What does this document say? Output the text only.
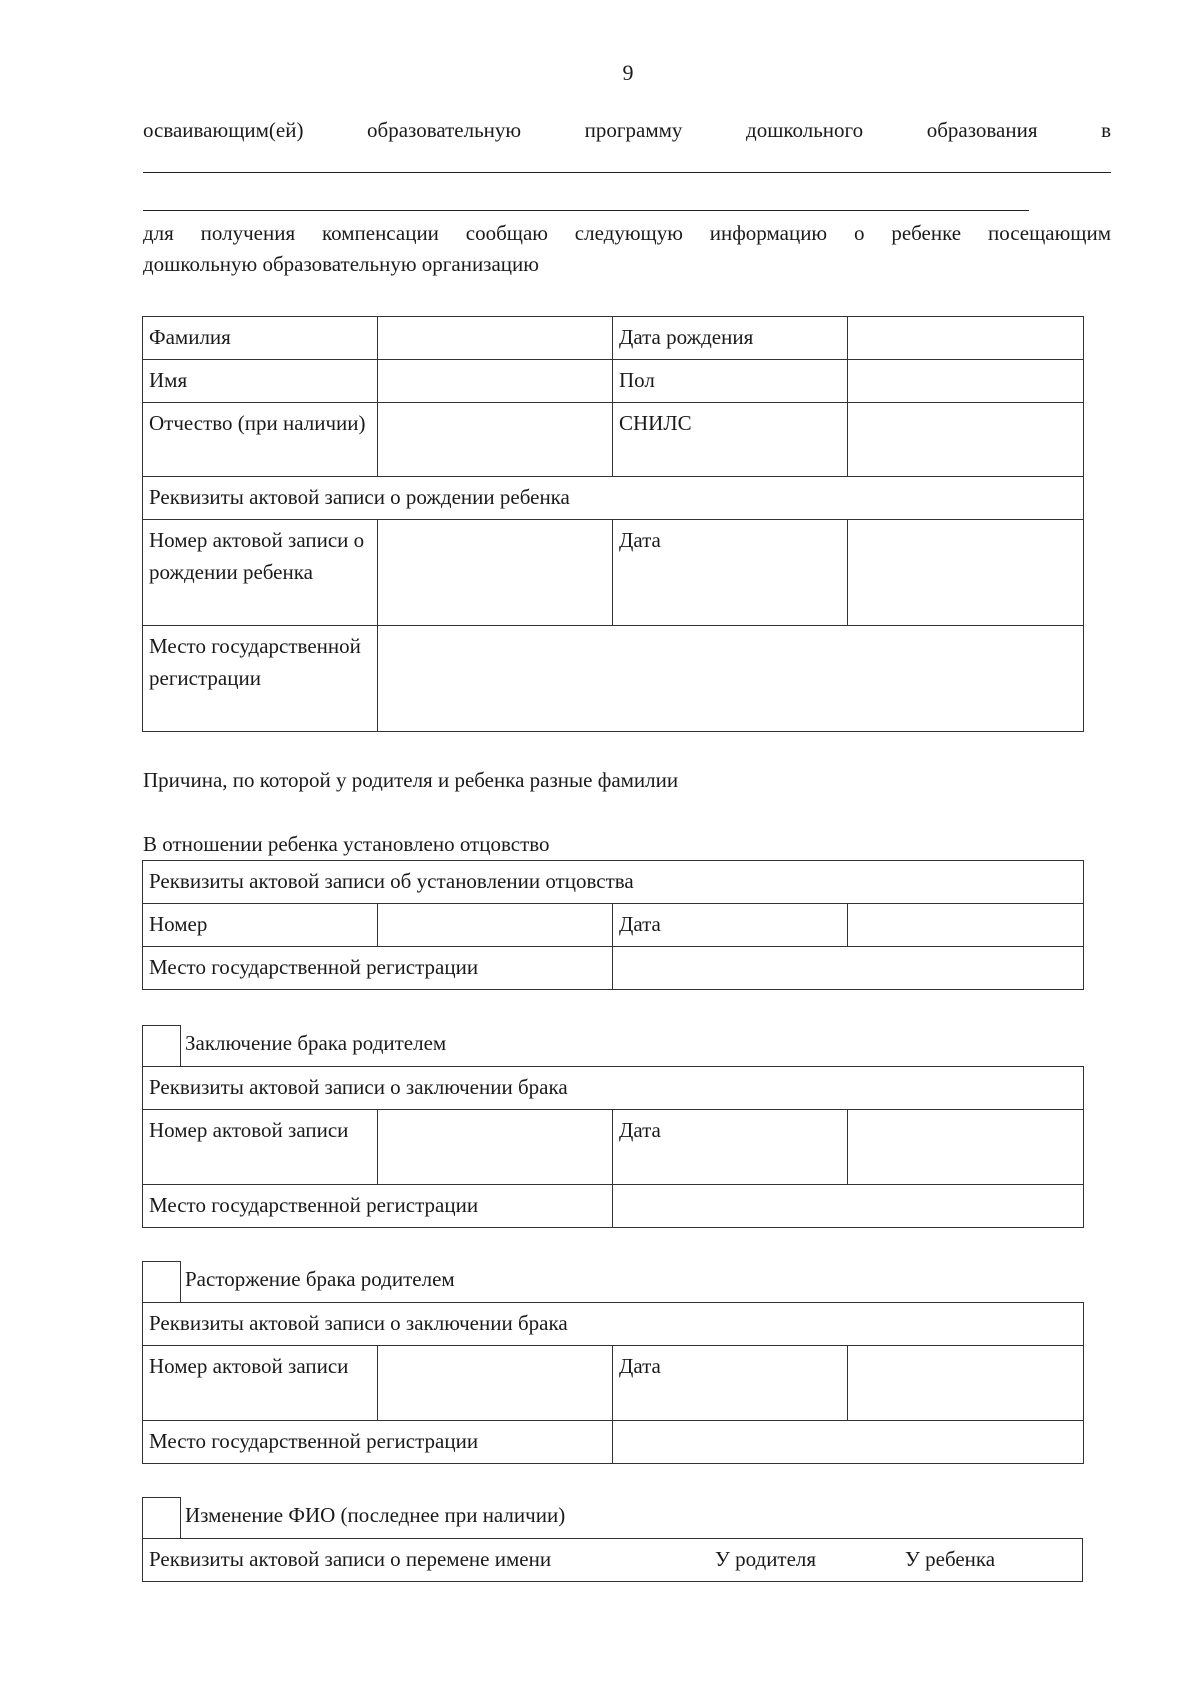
9
осваивающим(ей)	образовательную	программу	дошкольного	образования	в
для получения компенсации сообщаю следующую информацию о ребенке посещающим
дошкольную образовательную организацию
Фамилия		Дата рождения	
Имя		Пол	
Отчество (при наличии)		СНИЛС	
Реквизиты актовой записи о рождении ребенка			
Номер актовой записи о рождении ребенка		Дата	
Место государственной регистрации			
Причина, по которой у родителя и ребенка разные фамилии
В отношении ребенка установлено отцовство
Реквизиты актовой записи об установлении отцовства			
Номер		Дата	
Место государственной регистрации			
Заключение брака родителем
Реквизиты актовой записи о заключении брака			
Номер актовой записи		Дата	
Место государственной регистрации			
Расторжение брака родителем
Реквизиты актовой записи о заключении брака			
Номер актовой записи		Дата	
Место государственной регистрации			
Изменение ФИО (последнее при наличии)
Реквизиты актовой записи о перемене имени	У родителя	У ребенка
